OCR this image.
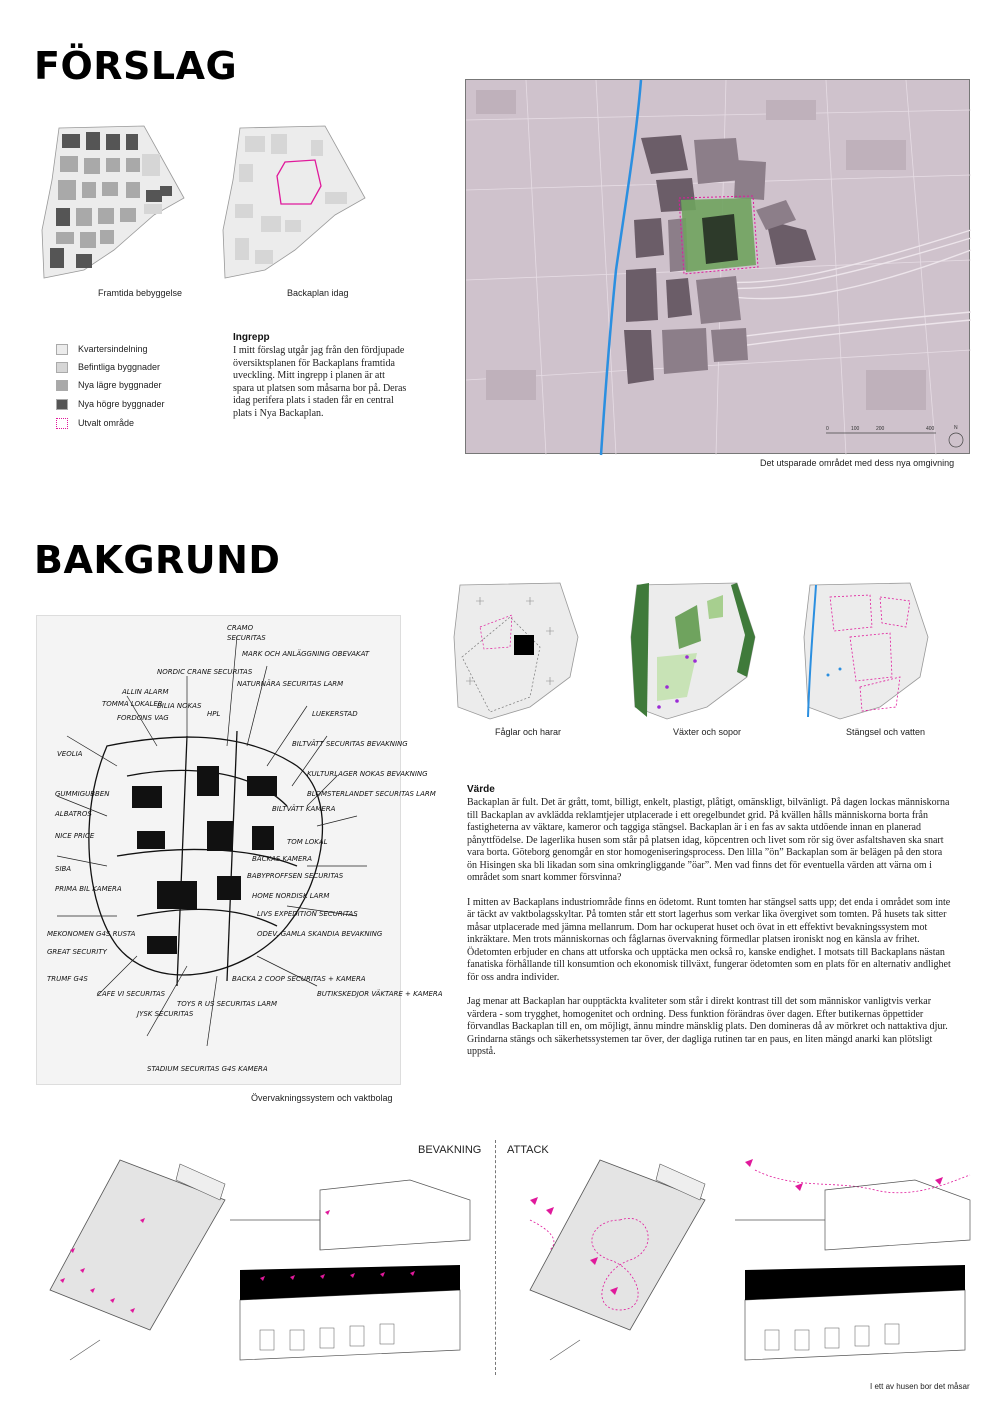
FÖRSLAG
Framtida bebyggelse	Backaplan idag
Kvartersindelning
Befintliga byggnader
Nya lägre byggnader
Nya högre byggnader
Utvalt område
Ingrepp
I mitt förslag utgår jag från den fördjupade översiktsplanen för Backaplans framtida uveckling. Mitt ingrepp i planen är att spara ut platsen som måsarna bor på. Deras idag perifera plats i staden får en central plats i Nya Backaplan.
0	100	200	400	N
Det utsparade området med dess nya omgivning
BAKGRUND
CRAMO
SECURITAS
MARK OCH ANLÄGGNING OBEVAKAT
NATURNÄRA SECURITAS LARM
NORDIC CRANE SECURITAS
ALLIN ALARM
TOMMA LOKALER
FORDONS VAG
BILIA NOKAS
HPL
BILTVÄTT SECURITAS BEVAKNING
KULTURLAGER NOKAS BEVAKNING
BLOMSTERLANDET SECURITAS LARM
VEOLIA
GUMMIGUBBEN
ALBATROS
NICE PRICE
SIBA
PRIMA BIL KAMERA
MEKONOMEN G4S RUSTA
GREAT SECURITY
TRUMF G4S
CAFE VI SECURITAS
JYSK SECURITAS
TOYS R US SECURITAS LARM
STADIUM SECURITAS G4S KAMERA
BACKA 2 COOP SECURITAS + KAMERA
BUTIKSKEDJOR VÄKTARE + KAMERA
ODEV. GAMLA SKANDIA BEVAKNING
LIVS EXPEDITION SECURITAS
HOME NORDISK LARM
BABYPROFFSEN SECURITAS
BACKAS KAMERA
TOM LOKAL
BILTVÄTT KAMERA
LUEKERSTAD
Övervakningssystem och vaktbolag
Fåglar och harar	Växter och sopor	Stängsel och vatten
Värde
Backaplan är fult. Det är grått, tomt, billigt, enkelt, plastigt, plåtigt, omänskligt, bilvänligt. På dagen lockas människorna till Backaplan av avklädda reklamtjejer utplacerade i ett oregelbundet grid. På kvällen hålls människorna borta från fastigheterna av väktare, kameror och taggiga stängsel. Backaplan är i en fas av sakta utdöende innan en planerad pånyttfödelse. De lagerlika husen som står på platsen idag, köpcentren och livet som rör sig över asfaltshaven ska snart vara borta. Göteborg genomgår en stor homogeniseringsprocess. Den lilla ”ön” Backaplan som är belägen på den stora ön Hisingen ska bli likadan som sina omkringliggande ”öar”. Men vad finns det för eventuella värden att värna om i området som snart kommer försvinna?
I mitten av Backaplans industriområde finns en ödetomt. Runt tomten har stängsel satts upp; det enda i området som inte är täckt av vaktbolagsskyltar. På tomten står ett stort lagerhus som verkar lika övergivet som tomten. På husets tak sitter måsar utplacerade med jämna mellanrum. Dom har ockuperat huset och övat in ett effektivt bevakningssystem mot inkräktare. Men trots människornas och fåglarnas övervakning förmedlar platsen ironiskt nog en känsla av frihet. Ödetomten erbjuder en chans att utforska och upptäcka men också ro, kanske endighet. I motsats till Backaplans nästan fanatiska förhållande till konsumtion och ekonomisk tillväxt, fungerar ödetomten som en plats för en alternativ andlighet för oss andra individer.
Jag menar att Backaplan har oupptäckta kvaliteter som står i direkt kontrast till det som människor vanligtvis verkar värdera - som trygghet, homogenitet och ordning. Dess funktion förändras över dagen. Efter butikernas öppettider förvandlas Backaplan till en, om möjligt, ännu mindre mänsklig plats. Den domineras då av mörkret och nattaktiva djur. Grindarna stängs och säkerhetssystemen tar över, der dagliga rutinen tar en paus, en liten mängd anarki kan plötsligt uppstå.
BEVAKNING ATTACK
I ett av husen bor det måsar
